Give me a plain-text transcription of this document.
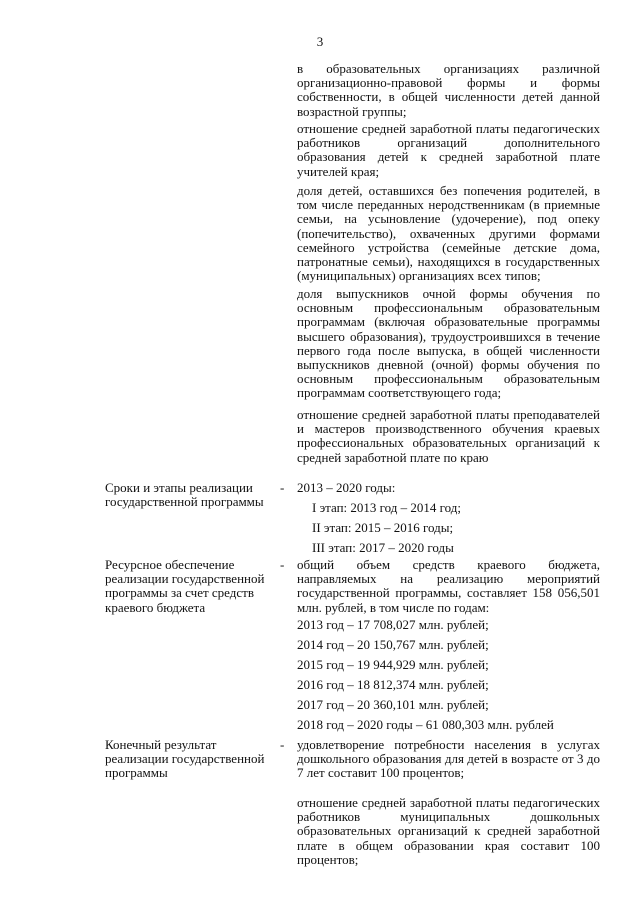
3

в образовательных организациях различной организационно-правовой формы и формы собственности, в общей численности детей данной возрастной группы;

отношение средней заработной платы педагогических работников организаций дополнительного образования детей к средней заработной плате учителей края;

доля детей, оставшихся без попечения родителей, в том числе переданных неродственникам (в приемные семьи, на усыновление (удочерение), под опеку (попечительство), охваченных другими формами семейного устройства (семейные детские дома, патронатные семьи), находящихся в государственных (муниципальных) организациях всех типов;

доля выпускников очной формы обучения по основным профессиональным образовательным программам (включая образовательные программы высшего образования), трудоустроившихся в течение первого года после выпуска, в общей численности выпускников дневной (очной) формы обучения по основным профессиональным образовательным программам соответствующего года;

отношение средней заработной платы преподавателей и мастеров производственного обучения краевых профессиональных образовательных организаций к средней заработной плате по краю

Сроки и этапы реализации государственной программы

- 2013 – 2020 годы:

I этап: 2013 год – 2014 год;

II этап: 2015 – 2016 годы;

III этап: 2017 – 2020 годы

Ресурсное обеспечение реализации государственной программы за счет средств краевого бюджета

- общий объем средств краевого бюджета, направляемых на реализацию мероприятий государственной программы, составляет 158 056,501 млн. рублей, в том числе по годам:

2013 год – 17 708,027 млн. рублей;

2014 год – 20 150,767 млн. рублей;

2015 год – 19 944,929 млн. рублей;

2016 год – 18 812,374 млн. рублей;

2017 год – 20 360,101 млн. рублей;

2018 год – 2020 годы – 61 080,303 млн. рублей

Конечный результат реализации государственной программы

- удовлетворение потребности населения в услугах дошкольного образования для детей в возрасте от 3 до 7 лет составит 100 процентов;

отношение средней заработной платы педагогических работников муниципальных дошкольных образовательных организаций к средней заработной плате в общем образовании края составит 100 процентов;
